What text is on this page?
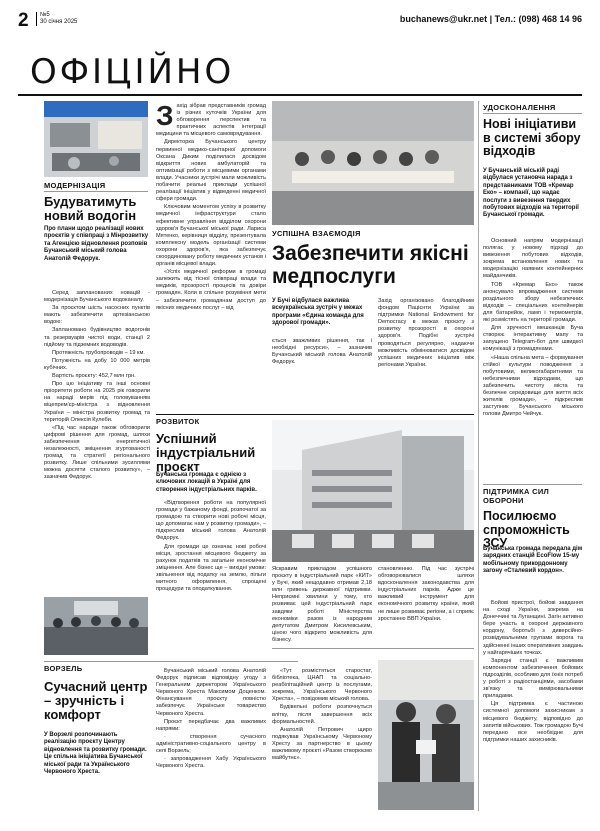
2 №5
30 січня 2025	buchanews@ukr.net | Тел.: (098) 468 14 96
ОФІЦІЙНО
МОДЕРНІЗАЦІЯ
Будуватимуть новий водогін
Про плани щодо реалізації нових проєктів у співпраці з Мінрозвитку та Агенцією відновлення розповів Бучанський міський голова Анатолій Федорук.

Серед запланованих новацій - модернізація Бучанського водоканалу.

За проєктом шість насосних пунктів мають забезпечити артезіанською водою:

Заплановано будівництво водогонів та резервуарів чистої води, станції 2 підйому та підземних водоводів.

Протяжність трубопроводів – 19 км.

Потужність на добу 10 000 метрів кубічних.

Вартість проєкту: 452,7 млн грн.

Про цю ініціативу та інші основні пріоритети роботи на 2025 рік говорили на нараді мерів під головуванням віцепрем'єр-міністра з відновлення України – міністра розвитку громад та територій Олексія Кулеби.

«Під час наради також обговорили цифрові рішення для громад, шляхи забезпечення енергетичної незалежності, зміцнення згуртованості громад та стратегії регіонального розвитку. Лише спільними зусиллями можна досягти сталого розвитку», – зазначив Федорук.

ВОРЗЕЛЬ
Сучасний центр – зручність і комфорт
У Ворзелі розпочинають реалізацію проєкту Центру відновлення та розвитку громади. Це спільна ініціатива Бучанської міської ради та Українського Червоного Хреста.
З ахід зібрав представників громад із різних куточків України для обговорення перспектив та практичних аспектів інтеграції медицини та місцевого самоврядування.

Директорка Бучанського центру первинної медико-санітарної допомоги Оксана Диким поділилася досвідом відкриття нових амбулаторій та оптимізації роботи з місцевими органами влади. Учасники зустрічі мали можливість побачити реальні приклади успішної реалізації ініціатив у відведенні медичної сфери громади.

Ключовим моментом успіху в розвитку медичної інфраструктури стало ефективне управління відділом охорони здоров'я Бучанської міської ради. Лариса Мятенко, керівниця відділу, презентувала комплексну модель організації системи охорони здоров'я, яка забезпечує скоординовану роботу медичних установ і органів місцевої влади.

«Успіх медичної реформи в громаді залежить від тісної співпраці влади та медиків, прозорості процесів та довіри громадян. Коли в спільне розуміння мети – забезпечити громадянам доступ до якісних медичних послуг – від

УСПІШНА ВЗАЄМОДІЯ
Забезпечити якісні медпослуги
У Бучі відбулася важлива всеукраїнська зустріч у межах програми «Єдина команда для здорової громади».
ється зважливих рішення, так і необхідні ресурси», – зазначив Бучанський міський голова Анатолій Федорук.
Захід організовано благодійним фондом Пацієнти України за підтримки National Endowment for Democracy в межах проєкту з розвитку прозорості в охороні здоров'я. Подібні зустрічі проводяться регулярно, надаючи можливість обмінюватися досвідом успішних медичних ініціатив між регіонами України.
РОЗВИТОК
Успішний індустріальний проєкт
Бучанська громада є однією з ключових локацій в Україні для створення індустріальних парків.

«Відтворення роботи на популярної громади у бажаному фонді, розпочатої за громадою та створити нові робочі місця, що допомагає нам у розвитку громади», – підкреслив міський голова Анатолій Федорук.

Для громади це означає нові робочі місця, зростання місцевого бюджету за рахунок податків та загальне економічне зміцнення. Але бізнес ще – вихідні умови: звільнення від податку на землю, пільги митного оформлення, спрощені процедури та оподаткування.

Яскравим прикладом успішного проєкту в індустріальний парк «КИТ» у Бучі, який нещодавно отримав 2,18 млн гривень державної підтримки. Неприємні хвилини у тому, хто розвиває цей індустріальний парк завдяки роботі Міністерства економіки разом із народним депутатом Дмитром Кисилевським, ціною чого відкрито можливість для бізнесу.
становленню. Під час зустрічі обговорювалися шляхи вдосконалення законодавства для індустріальних парків. Адже це важливий інструмент для економічного розвитку країни, який не лише розвиває регіони, а і сприяє зростанню ВВП України.

Бучанський міський голова Анатолій Федорук підписав відповідну угоду з Генеральним директором Українського Червоного Хреста Максимом Доценком. Фінансування проєкту повністю забезпечує Українське товариство Червоного Хреста.

Проєкт передбачає два важливих напрями:

· створення сучасного адміністративно-соціального центру в селі Ворзель;

· запровадження Хабу Українського Червоного Хреста.

«Тут розмістяться старостат, бібліотека, ЦНАП та соціально-реабілітаційний центр із послугами, зокрема, Українського Червоного Хреста», – повідомив міський голова.

Будівельні роботи розпочнуться влітку, після завершення всіх формальностей.

Анатолій Петрович щиро подякував Українському Червоному Хресту за партнерство в цьому важливому проєкті «Разом створюємо майбутнє».

УДОСКОНАЛЕННЯ
Нові ініціативи в системі збору відходів
У Бучанській міській раді відбулася установча нарада з представниками ТОВ «Кремар Еко» – компанії, що надає послуги з вивезення твердих побутових відходів на території Бучанської громади.

Основний напрям модернізації полягає у новому підході до вивезення побутових відходів, зокрема встановлення нових та модернізацію наявних контейнерних майданчиків.

ТОВ «Кремар Еко» також анонсувало впровадження системи роздільного збору небезпечних відходів – спеціальних контейнерів для батарейок, ламп і термометрів, які розмістять на території громади.

Для зручності мешканців Буча створює інтерактивну мапу та запущено Telegram-бот для швидкої комунікації з громадянами.

«Наша спільна мета – формування стійкої культури поводження з побутовими, великогабаритними та небезпечними відходами, що забезпечить чистоту міста та безпечне середовище для життя всіх жителів громади», – підкреслив заступник Бучанського міського голови Дмитро Чейчук.

ПІДТРИМКА СИЛ ОБОРОНИ
Посилюємо спроможність ЗСУ
Бучанська громада передала дім зарядних станцій EcoFlow 15-му мобільному прикордонному загону «Сталевий кордон».

Бойові пристрої, бойові завдання на сході України, зокрема на Донеччині та Луганщині. Загін активно бере участь в охороні державного кордону, боротьбі з диверсійно-розвідувальними групами ворога та здійсненні інших оперативних завдань у найгарячіших точках.

Зарядні станції є важливим компонентом забезпечення бойових підрозділів, особливо для їхніх потреб у роботі з радіостанціями, засобами зв'язку та вимірювальними приладами.

Ця підтримка є частиною системної допомоги захисникам з місцевого бюджету, відповідно до запитів військових. Тож громадою Бучі передано все необхідне для підтримки наших захисників.
